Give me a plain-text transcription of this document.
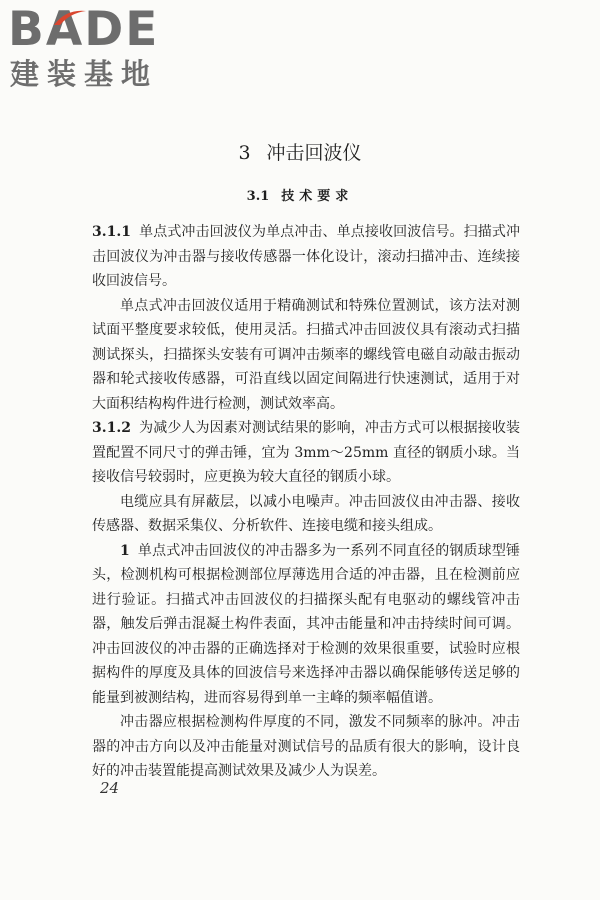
BADE
建装基地
3 冲击回波仪
3.1 技术要求

3.1.1 单点式冲击回波仪为单点冲击、单点接收回波信号。扫描式冲击回波仪为冲击器与接收传感器一体化设计，滚动扫描冲击、连续接收回波信号。

单点式冲击回波仪适用于精确测试和特殊位置测试，该方法对测试面平整度要求较低，使用灵活。扫描式冲击回波仪具有滚动式扫描测试探头，扫描探头安装有可调冲击频率的螺线管电磁自动敲击振动器和轮式接收传感器，可沿直线以固定间隔进行快速测试，适用于对大面积结构构件进行检测，测试效率高。

3.1.2 为减少人为因素对测试结果的影响，冲击方式可以根据接收装置配置不同尺寸的弹击锤，宜为 3mm～25mm 直径的钢质小球。当接收信号较弱时，应更换为较大直径的钢质小球。

电缆应具有屏蔽层，以减小电噪声。冲击回波仪由冲击器、接收传感器、数据采集仪、分析软件、连接电缆和接头组成。

1 单点式冲击回波仪的冲击器多为一系列不同直径的钢质球型锤头，检测机构可根据检测部位厚薄选用合适的冲击器，且在检测前应进行验证。扫描式冲击回波仪的扫描探头配有电驱动的螺线管冲击器，触发后弹击混凝土构件表面，其冲击能量和冲击持续时间可调。冲击回波仪的冲击器的正确选择对于检测的效果很重要，试验时应根据构件的厚度及具体的回波信号来选择冲击器以确保能够传送足够的能量到被测结构，进而容易得到单一主峰的频率幅值谱。

冲击器应根据检测构件厚度的不同，激发不同频率的脉冲。冲击器的冲击方向以及冲击能量对测试信号的品质有很大的影响，设计良好的冲击装置能提高测试效果及减少人为误差。

24
